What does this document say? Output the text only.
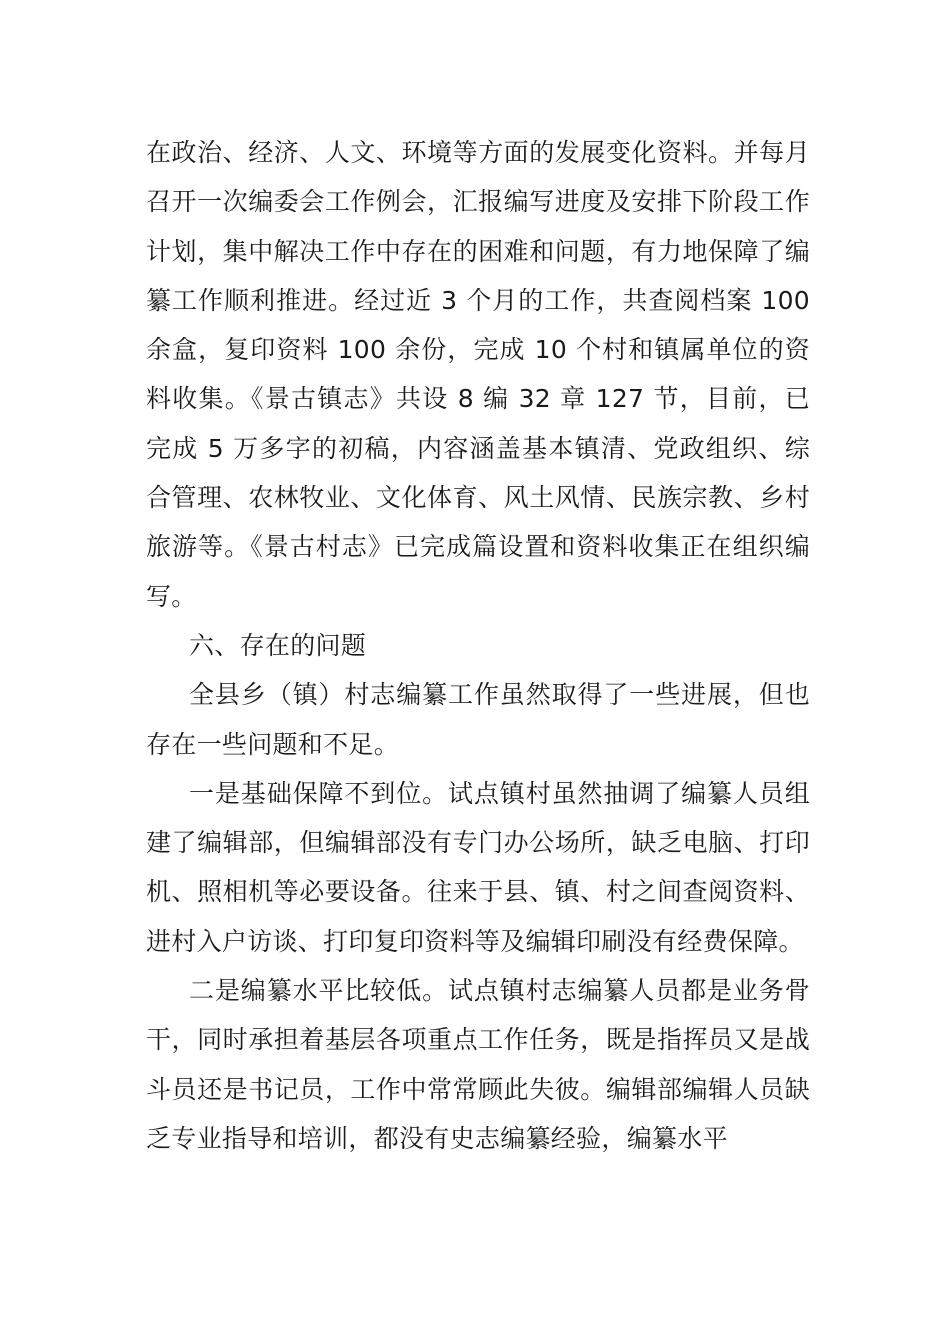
在政治、经济、人文、环境等方面的发展变化资料。并每月召开一次编委会工作例会，汇报编写进度及安排下阶段工作计划，集中解决工作中存在的困难和问题，有力地保障了编纂工作顺利推进。经过近 3 个月的工作，共查阅档案 100 余盒，复印资料 100 余份，完成 10 个村和镇属单位的资料收集。《景古镇志》共设 8 编 32 章 127 节，目前，已完成 5 万多字的初稿，内容涵盖基本镇清、党政组织、综合管理、农林牧业、文化体育、风土风情、民族宗教、乡村旅游等。《景古村志》已完成篇设置和资料收集正在组织编写。

六、存在的问题

全县乡（镇）村志编纂工作虽然取得了一些进展，但也存在一些问题和不足。

一是基础保障不到位。试点镇村虽然抽调了编纂人员组建了编辑部，但编辑部没有专门办公场所，缺乏电脑、打印机、照相机等必要设备。往来于县、镇、村之间查阅资料、进村入户访谈、打印复印资料等及编辑印刷没有经费保障。

二是编纂水平比较低。试点镇村志编纂人员都是业务骨干，同时承担着基层各项重点工作任务，既是指挥员又是战斗员还是书记员，工作中常常顾此失彼。编辑部编辑人员缺乏专业指导和培训，都没有史志编纂经验，编纂水平
